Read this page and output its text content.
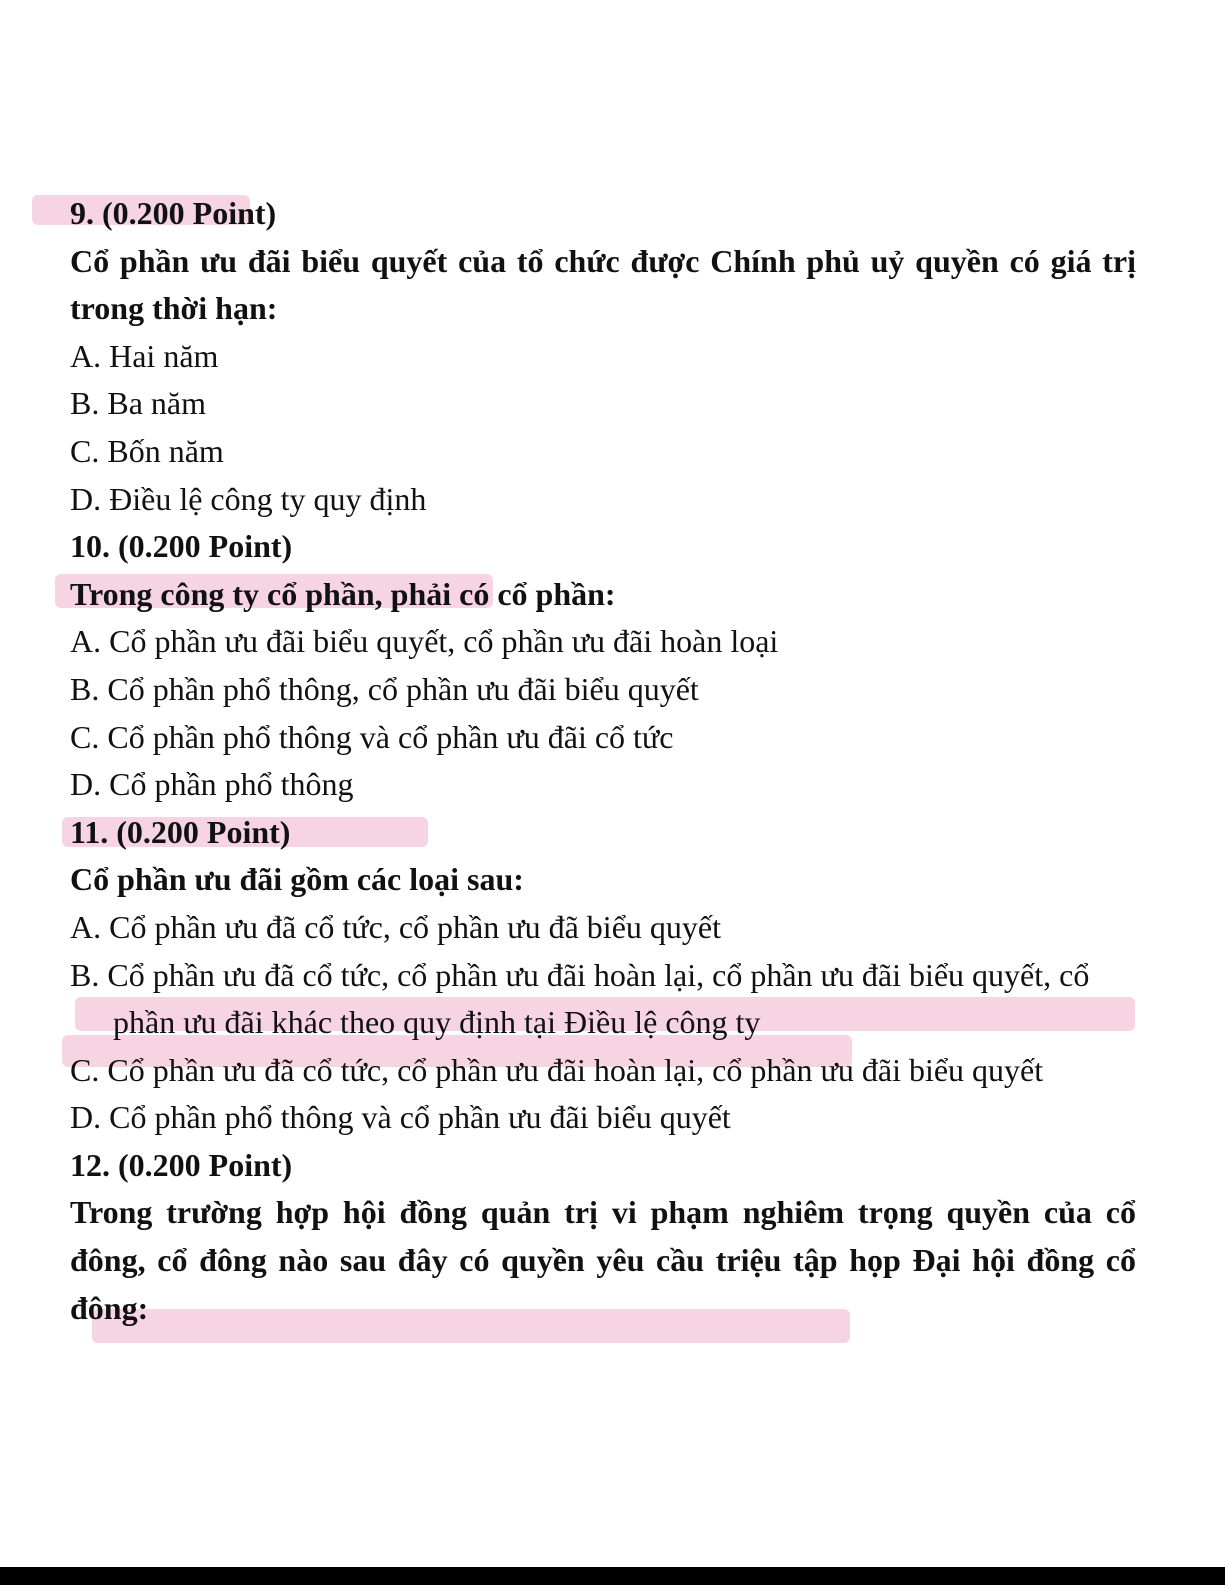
9. (0.200 Point)
Cổ phần ưu đãi biểu quyết của tổ chức được Chính phủ uỷ quyền có giá trị trong thời hạn:
A. Hai năm
B. Ba năm
C. Bốn năm
D. Điều lệ công ty quy định
10. (0.200 Point)
Trong công ty cổ phần, phải có cổ phần:
A. Cổ phần ưu đãi biểu quyết, cổ phần ưu đãi hoàn loại
B. Cổ phần phổ thông, cổ phần ưu đãi biểu quyết
C. Cổ phần phổ thông và cổ phần ưu đãi cổ tức
D. Cổ phần phổ thông
11. (0.200 Point)
Cổ phần ưu đãi gồm các loại sau:
A. Cổ phần ưu đã cổ tức, cổ phần ưu đã biểu quyết
B. Cổ phần ưu đã cổ tức, cổ phần ưu đãi hoàn lại, cổ phần ưu đãi biểu quyết, cổ phần ưu đãi khác theo quy định tại Điều lệ công ty
C. Cổ phần ưu đã cổ tức, cổ phần ưu đãi hoàn lại, cổ phần ưu đãi biểu quyết
D. Cổ phần phổ thông và cổ phần ưu đãi biểu quyết
12. (0.200 Point)
Trong trường hợp hội đồng quản trị vi phạm nghiêm trọng quyền của cổ đông, cổ đông nào sau đây có quyền yêu cầu triệu tập họp Đại hội đồng cổ đông:
